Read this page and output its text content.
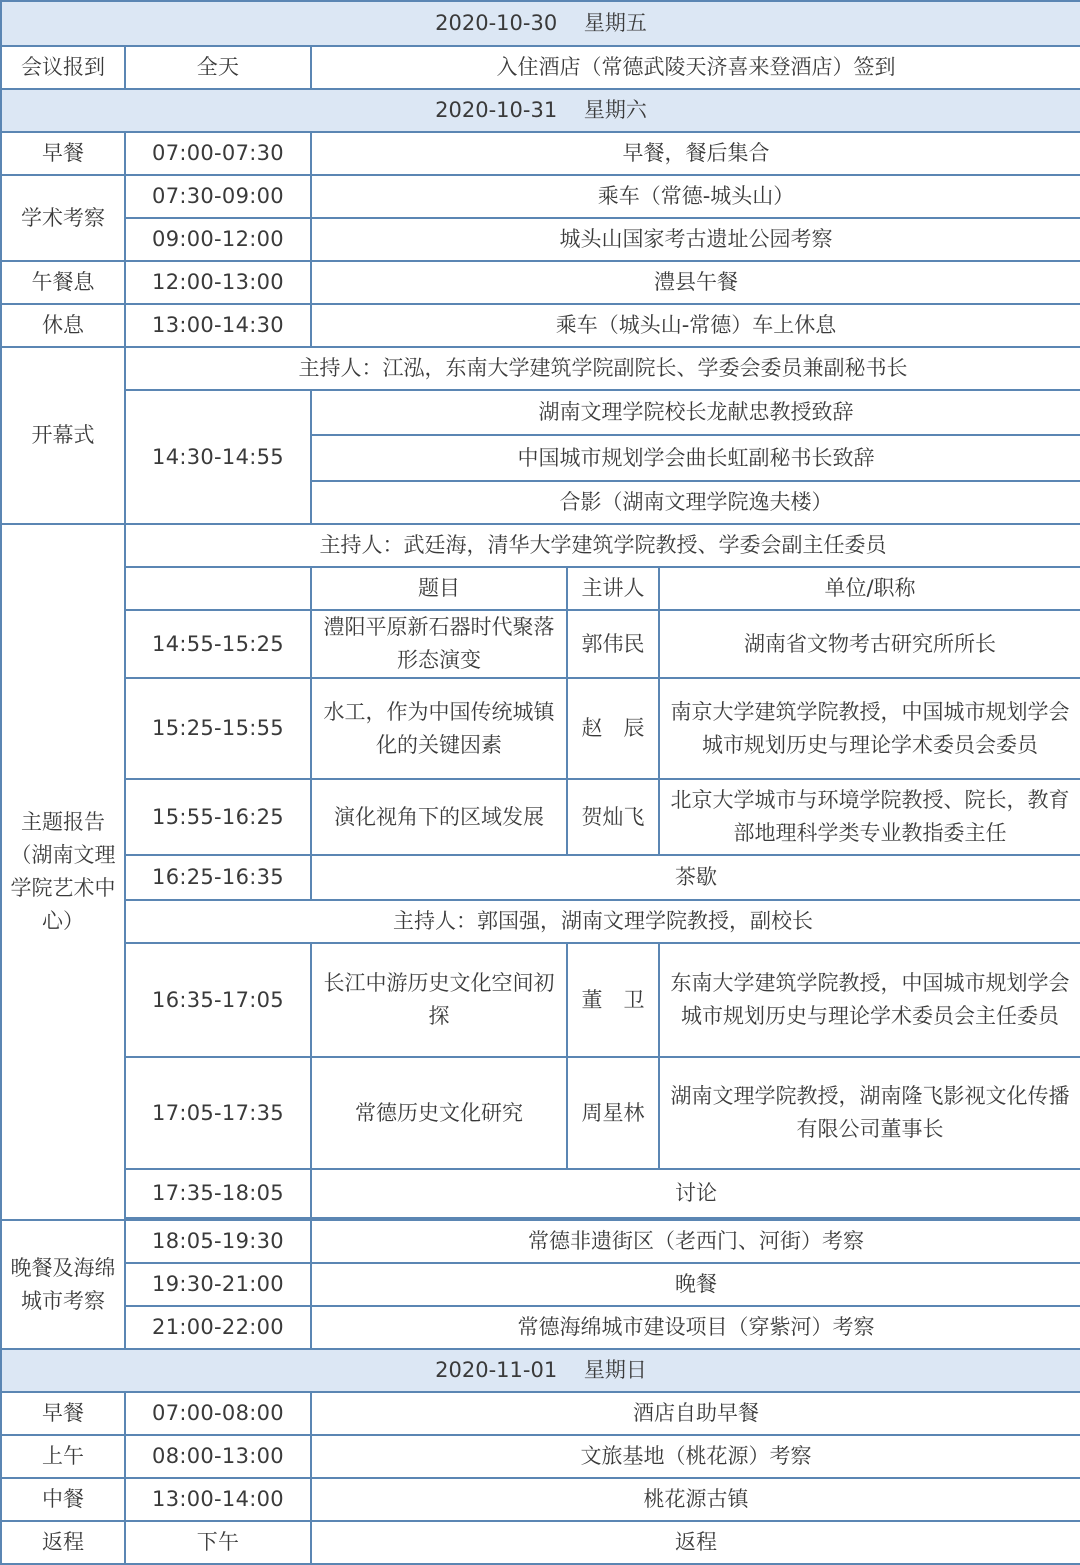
2020-10-30 星期五				
会议报到	全天	入住酒店（常德武陵天济喜来登酒店）签到		
2020-10-31 星期六				
早餐	07:00-07:30	早餐，餐后集合		
学术考察	07:30-09:00	乘车（常德-城头山）		
	09:00-12:00	城头山国家考古遗址公园考察		
午餐息	12:00-13:00	澧县午餐		
休息	13:00-14:30	乘车（城头山-常德）车上休息		
开幕式	主持人：江泓，东南大学建筑学院副院长、学委会委员兼副秘书长			
	14:30-14:55	湖南文理学院校长龙献忠教授致辞		
		中国城市规划学会曲长虹副秘书长致辞		
		合影（湖南文理学院逸夫楼）		
主题报告（湖南文理学院艺术中心）	主持人：武廷海，清华大学建筑学院教授、学委会副主任委员			
		题目	主讲人	单位/职称
	14:55-15:25	澧阳平原新石器时代聚落形态演变	郭伟民	湖南省文物考古研究所所长
	15:25-15:55	水工，作为中国传统城镇化的关键因素	赵　辰	南京大学建筑学院教授，中国城市规划学会城市规划历史与理论学术委员会委员
	15:55-16:25	演化视角下的区域发展	贺灿飞	北京大学城市与环境学院教授、院长，教育部地理科学类专业教指委主任
	16:25-16:35	茶歇		
	主持人：郭国强，湖南文理学院教授，副校长			
	16:35-17:05	长江中游历史文化空间初探	董　卫	东南大学建筑学院教授，中国城市规划学会城市规划历史与理论学术委员会主任委员
	17:05-17:35	常德历史文化研究	周星林	湖南文理学院教授，湖南隆飞影视文化传播有限公司董事长
	17:35-18:05	讨论		

晚餐及海绵城市考察	18:05-19:30	常德非遗街区（老西门、河街）考察		
	19:30-21:00	晚餐		
	21:00-22:00	常德海绵城市建设项目（穿紫河）考察		
2020-11-01 星期日				
早餐	07:00-08:00	酒店自助早餐		
上午	08:00-13:00	文旅基地（桃花源）考察		
中餐	13:00-14:00	桃花源古镇		
返程	下午	返程		
